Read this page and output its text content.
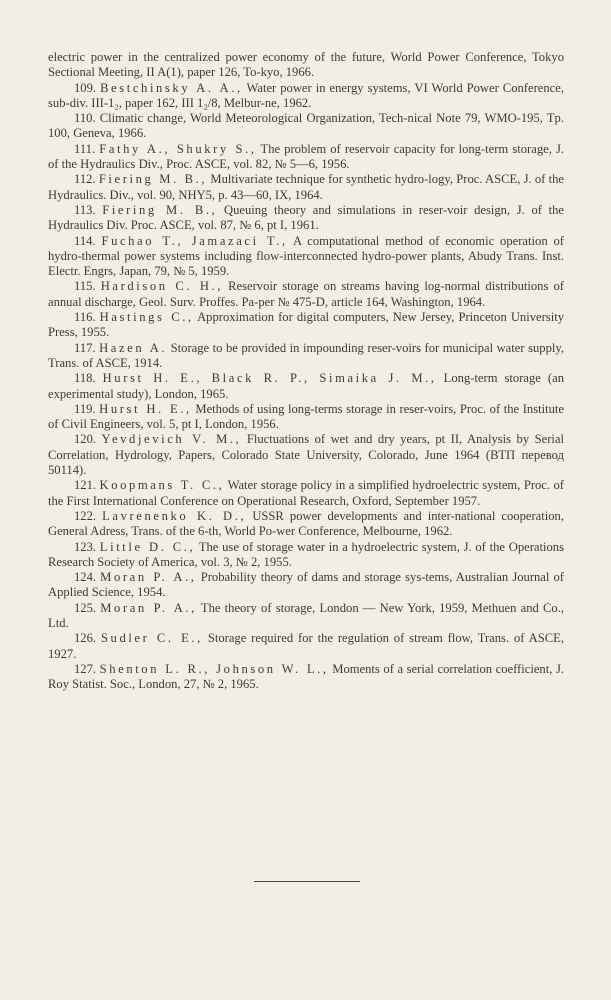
electric power in the centralized power economy of the future, World Power Conference, Tokyo Sectional Meeting, II A(1), paper 126, To-kyo, 1966.

109. Bestchinsky A. A., Water power in energy systems, VI World Power Conference, sub-div. III-1₂, paper 162, III 1₂/8, Melbur-ne, 1962.

110. Climatic change, World Meteorological Organization, Tech-nical Note 79, WMO-195, Tp. 100, Geneva, 1966.

111. Fathy A., Shukry S., The problem of reservoir capacity for long-term storage, J. of the Hydraulics Div., Proc. ASCE, vol. 82, № 5—6, 1956.

112. Fiering M. B., Multivariate technique for synthetic hydro-logy, Proc. ASCE, J. of the Hydraulics. Div., vol. 90, NHY5, p. 43—60, IX, 1964.

113. Fiering M. B., Queuing theory and simulations in reser-voir design, J. of the Hydraulics Div. Proc. ASCE, vol. 87, № 6, pt I, 1961.

114. Fuchao T., Jamazaci T., A computational method of economic operation of hydro-thermal power systems including flow-interconnected hydro-power plants, Abudy Trans. Inst. Electr. Engrs, Japan, 79, № 5, 1959.

115. Hardison C. H., Reservoir storage on streams having log-normal distributions of annual discharge, Geol. Surv. Proffes. Pa-per № 475-D, article 164, Washington, 1964.

116. Hastings C., Approximation for digital computers, New Jersey, Princeton University Press, 1955.

117. Hazen A. Storage to be provided in impounding reser-voirs for municipal water supply, Trans. of ASCE, 1914.

118. Hurst H. E., Black R. P., Simaika J. M., Long-term storage (an experimental study), London, 1965.

119. Hurst H. E., Methods of using long-terms storage in reser-voirs, Proc. of the Institute of Civil Engineers, vol. 5, pt I, London, 1956.

120. Yevdjevich V. M., Fluctuations of wet and dry years, pt II, Analysis by Serial Correlation, Hydrology, Papers, Colorado State University, Colorado, June 1964 (ВТП перевод 50114).

121. Koopmans T. C., Water storage policy in a simplified hydroelectric system, Proc. of the First International Conference on Operational Research, Oxford, September 1957.

122. Lavrenenko K. D., USSR power developments and inter-national cooperation, General Adress, Trans. of the 6-th, World Po-wer Conference, Melbourne, 1962.

123. Little D. C., The use of storage water in a hydroelectric system, J. of the Operations Research Society of America, vol. 3, № 2, 1955.

124. Moran P. A., Probability theory of dams and storage sys-tems, Australian Journal of Applied Science, 1954.

125. Moran P. A., The theory of storage, London — New York, 1959, Methuen and Co., Ltd.

126. Sudler C. E., Storage required for the regulation of stream flow, Trans. of ASCE, 1927.

127. Shenton L. R., Johnson W. L., Moments of a serial correlation coefficient, J. Roy Statist. Soc., London, 27, № 2, 1965.
